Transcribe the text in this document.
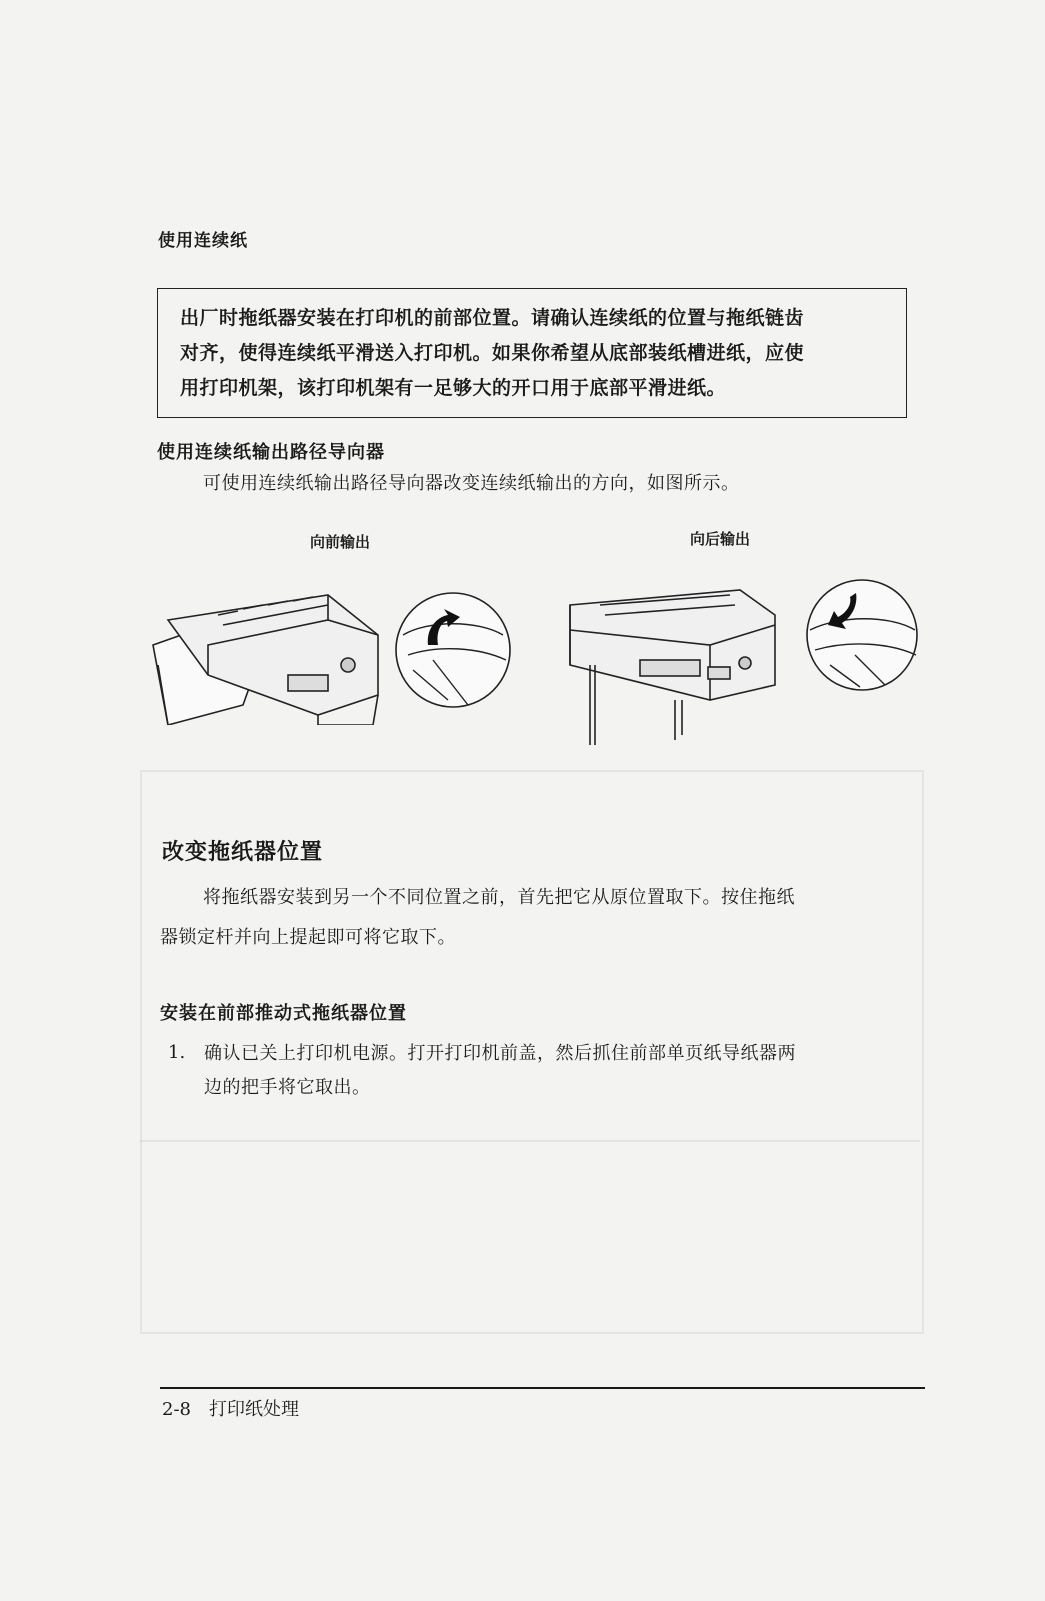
使用连续纸

出厂时拖纸器安装在打印机的前部位置。请确认连续纸的位置与拖纸链齿

对齐，使得连续纸平滑送入打印机。如果你希望从底部装纸槽进纸，应使

用打印机架，该打印机架有一足够大的开口用于底部平滑进纸。

使用连续纸输出路径导向器
可使用连续纸输出路径导向器改变连续纸输出的方向，如图所示。
向前输出	向后输出
改变拖纸器位置
将拖纸器安装到另一个不同位置之前，首先把它从原位置取下。按住拖纸
器锁定杆并向上提起即可将它取下。
安装在前部推动式拖纸器位置
1. 确认已关上打印机电源。打开打印机前盖，然后抓住前部单页纸导纸器两
边的把手将它取出。
2-8 打印纸处理
